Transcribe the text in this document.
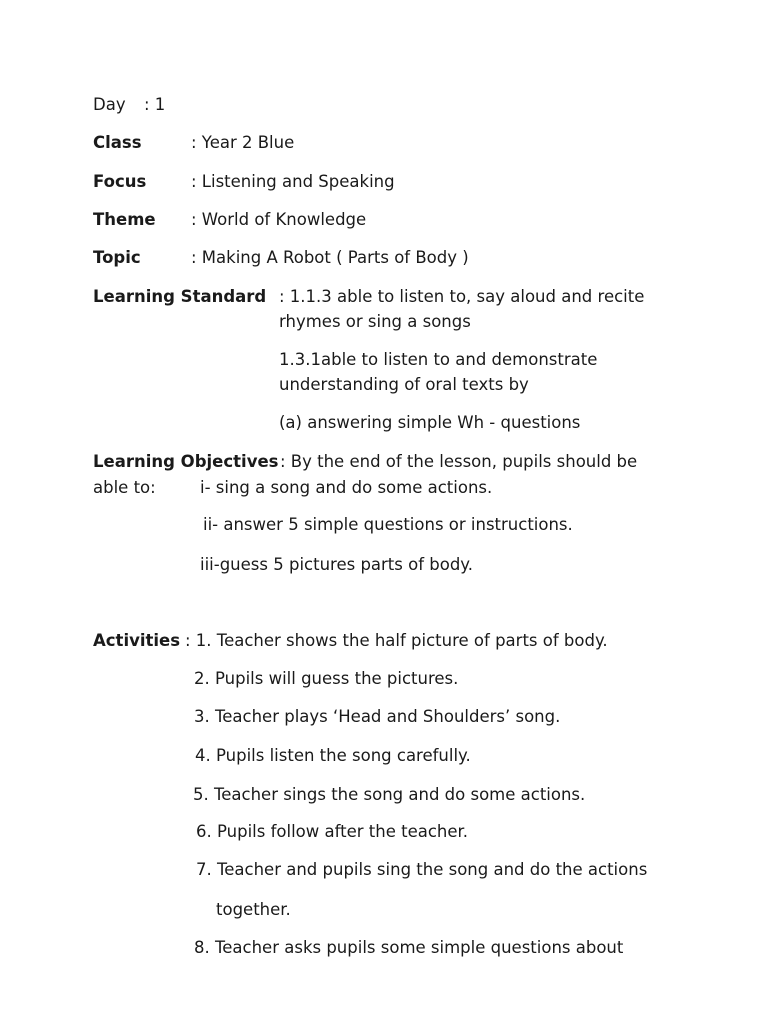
Day : 1
Class	: Year 2 Blue
Focus	: Listening and Speaking
Theme : World of Knowledge
Topic	: Making A Robot ( Parts of Body )
Learning Standard : 1.1.3 able to listen to, say aloud and recite
rhymes or sing a songs
1.3.1able to listen to and demonstrate
understanding of oral texts by
(a) answering simple Wh - questions
Learning Objectives : By the end of the lesson, pupils should be
able to:	i- sing a song and do some actions.
ii- answer 5 simple questions or instructions.
iii-guess 5 pictures parts of body.
Activities : 1. Teacher shows the half picture of parts of body.
2. Pupils will guess the pictures.
3. Teacher plays ‘Head and Shoulders’ song.
4. Pupils listen the song carefully.
5. Teacher sings the song and do some actions.
6. Pupils follow after the teacher.
7. Teacher and pupils sing the song and do the actions
together.
8. Teacher asks pupils some simple questions about
